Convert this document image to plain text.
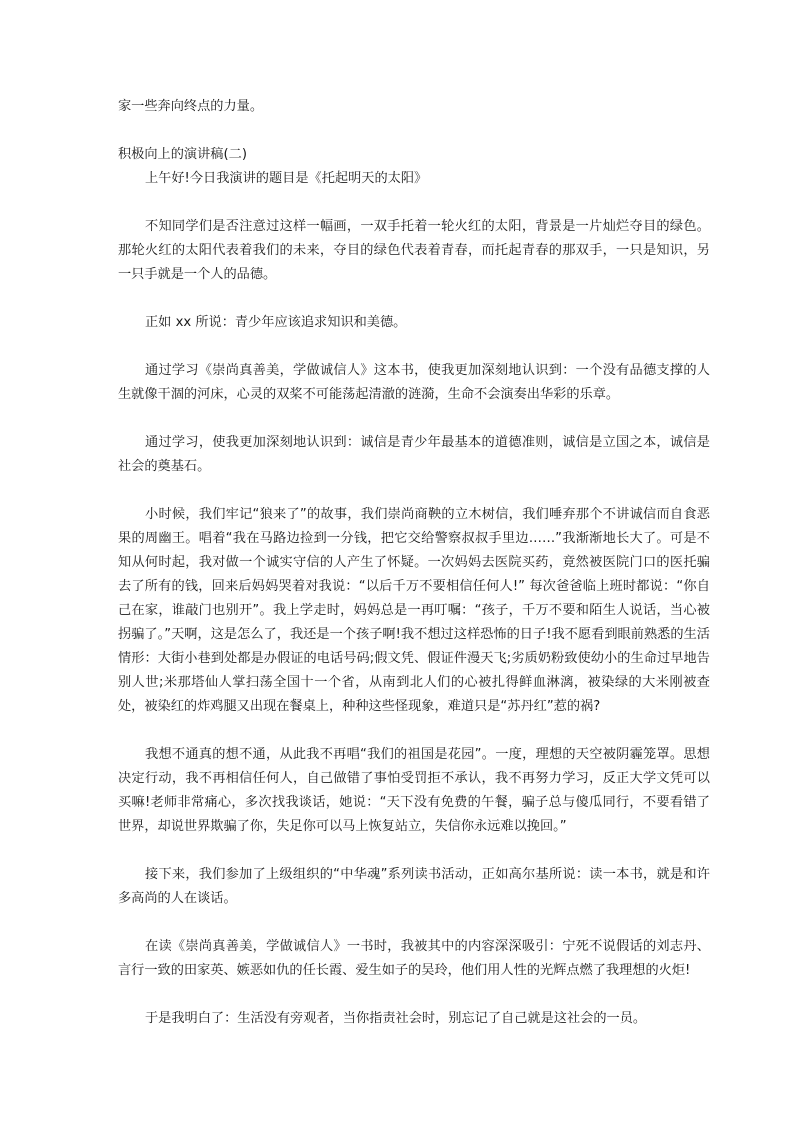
家一些奔向终点的力量。

积极向上的演讲稿(二)

上午好!今日我演讲的题目是《托起明天的太阳》

不知同学们是否注意过这样一幅画，一双手托着一轮火红的太阳，背景是一片灿烂夺目的绿色。那轮火红的太阳代表着我们的未来，夺目的绿色代表着青春，而托起青春的那双手，一只是知识，另一只手就是一个人的品德。

正如 xx 所说：青少年应该追求知识和美德。

通过学习《崇尚真善美，学做诚信人》这本书，使我更加深刻地认识到：一个没有品德支撑的人生就像干涸的河床，心灵的双桨不可能荡起清澈的涟漪，生命不会演奏出华彩的乐章。

通过学习，使我更加深刻地认识到：诚信是青少年最基本的道德准则，诚信是立国之本，诚信是社会的奠基石。

小时候，我们牢记“狼来了”的故事，我们崇尚商鞅的立木树信，我们唾弃那个不讲诚信而自食恶果的周幽王。唱着“我在马路边捡到一分钱，把它交给警察叔叔手里边……”我渐渐地长大了。可是不知从何时起，我对做一个诚实守信的人产生了怀疑。一次妈妈去医院买药，竟然被医院门口的医托骗去了所有的钱，回来后妈妈哭着对我说：“以后千万不要相信任何人!” 每次爸爸临上班时都说：“你自己在家，谁敲门也别开”。我上学走时，妈妈总是一再叮嘱：“孩子，千万不要和陌生人说话，当心被拐骗了。”天啊，这是怎么了，我还是一个孩子啊!我不想过这样恐怖的日子!我不愿看到眼前熟悉的生活情形：大街小巷到处都是办假证的电话号码;假文凭、假证件漫天飞;劣质奶粉致使幼小的生命过早地告别人世;米那塔仙人掌扫荡全国十一个省，从南到北人们的心被扎得鲜血淋漓，被染绿的大米刚被查处，被染红的炸鸡腿又出现在餐桌上，种种这些怪现象，难道只是“苏丹红”惹的祸?

我想不通真的想不通，从此我不再唱“我们的祖国是花园”。一度，理想的天空被阴霾笼罩。思想决定行动，我不再相信任何人，自己做错了事怕受罚拒不承认，我不再努力学习，反正大学文凭可以买嘛!老师非常痛心，多次找我谈话，她说：“天下没有免费的午餐，骗子总与傻瓜同行，不要看错了世界，却说世界欺骗了你，失足你可以马上恢复站立，失信你永远难以挽回。”

接下来，我们参加了上级组织的“中华魂”系列读书活动，正如高尔基所说：读一本书，就是和许多高尚的人在谈话。

在读《崇尚真善美，学做诚信人》一书时，我被其中的内容深深吸引：宁死不说假话的刘志丹、言行一致的田家英、嫉恶如仇的任长霞、爱生如子的吴玲，他们用人性的光辉点燃了我理想的火炬!

于是我明白了：生活没有旁观者，当你指责社会时，别忘记了自己就是这社会的一员。
